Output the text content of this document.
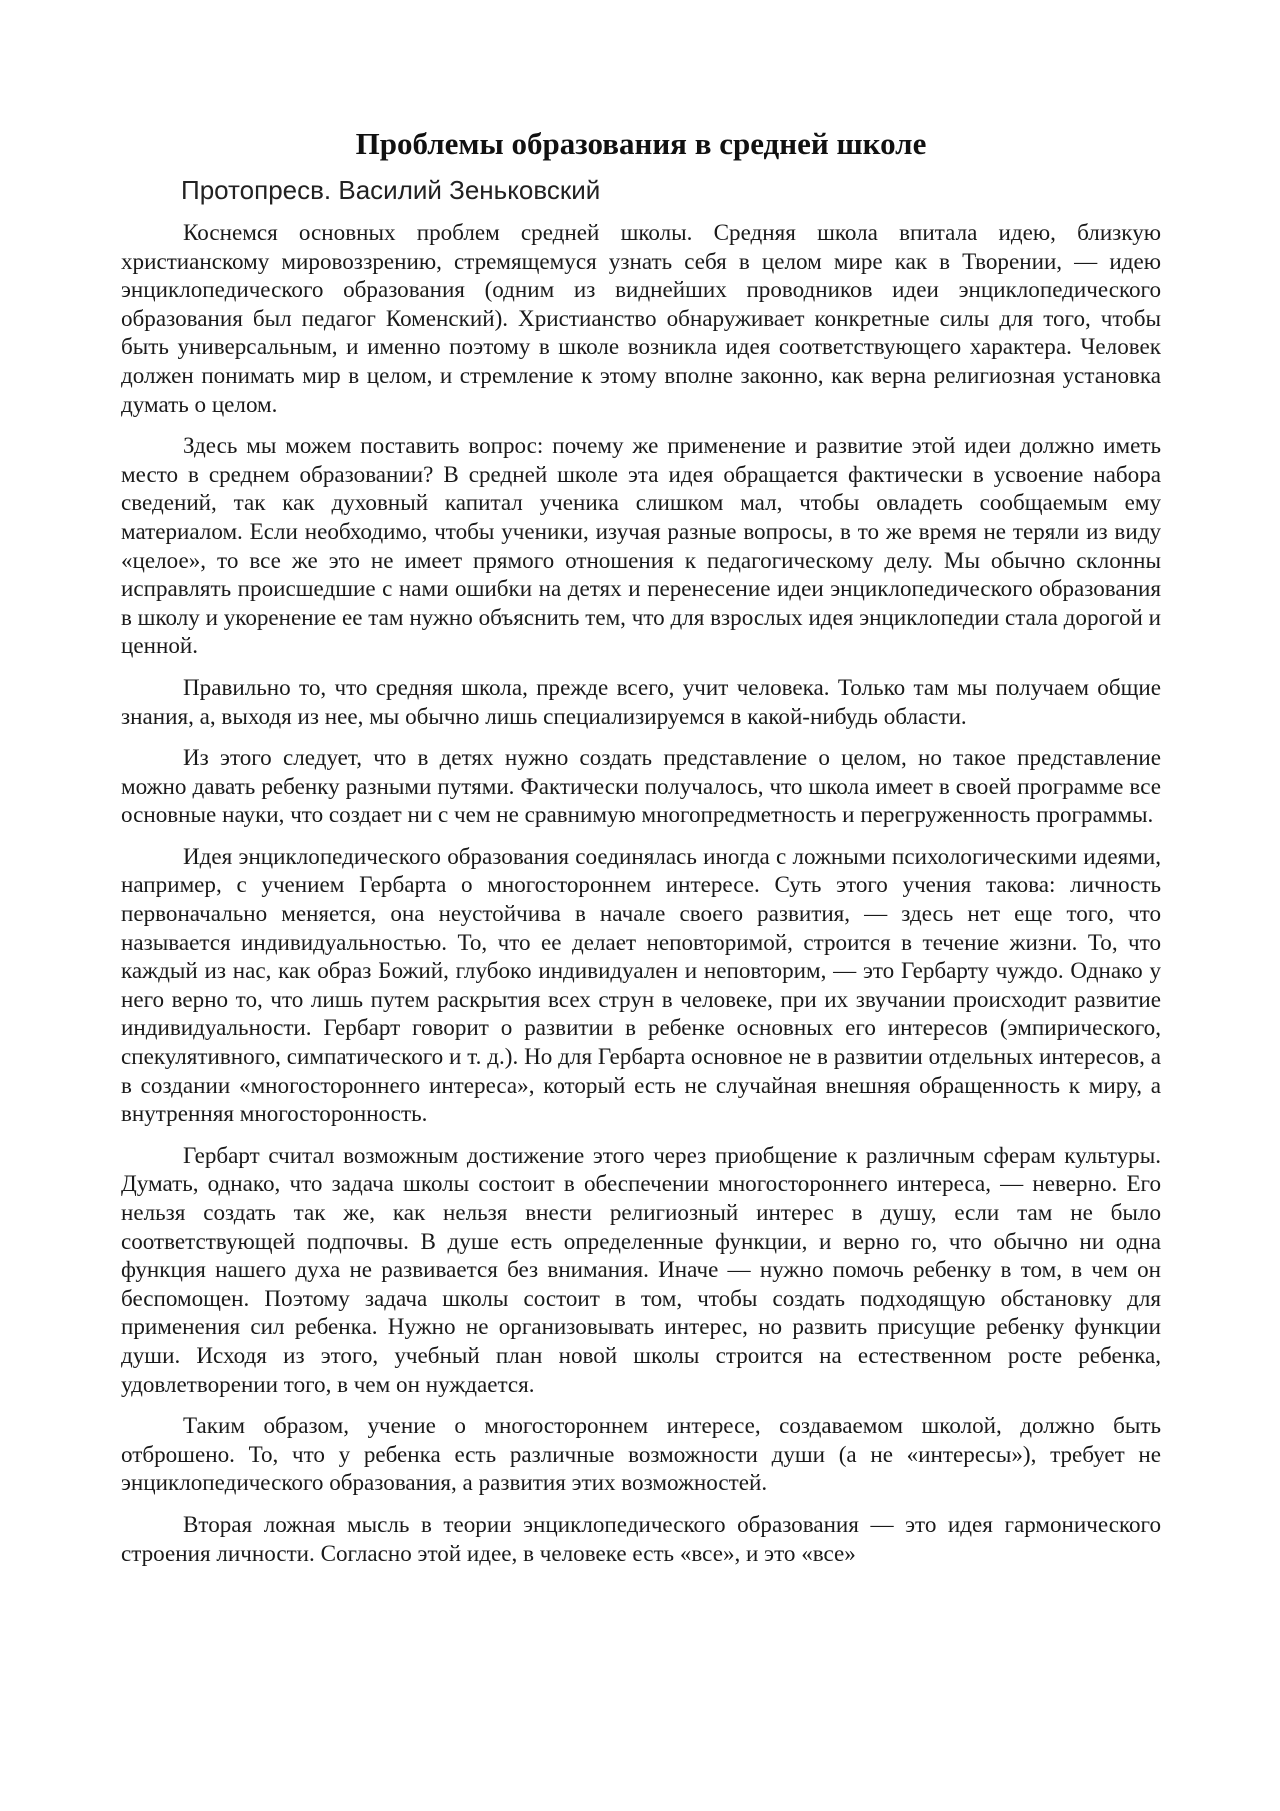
Проблемы образования в средней школе
Протопресв. Василий Зеньковский

Коснемся основных проблем средней школы. Средняя школа впитала идею, близкую христианскому мировоззрению, стремящемуся узнать себя в целом мире как в Творении, — идею энциклопедического образования (одним из виднейших проводников идеи энциклопедического образования был педагог Коменский). Христианство обнаруживает конкретные силы для того, чтобы быть универсальным, и именно поэтому в школе возникла идея соответствующего характера. Человек должен понимать мир в целом, и стремление к этому вполне законно, как верна религиозная установка думать о целом.

Здесь мы можем поставить вопрос: почему же применение и развитие этой идеи должно иметь место в среднем образовании? В средней школе эта идея обращается фактически в усвоение набора сведений, так как духовный капитал ученика слишком мал, чтобы овладеть сообщаемым ему материалом. Если необходимо, чтобы ученики, изучая разные вопросы, в то же время не теряли из виду «целое», то все же это не имеет прямого отношения к педагогическому делу. Мы обычно склонны исправлять происшедшие с нами ошибки на детях и перенесение идеи энциклопедического образования в школу и укоренение ее там нужно объяснить тем, что для взрослых идея энциклопедии стала дорогой и ценной.

Правильно то, что средняя школа, прежде всего, учит человека. Только там мы получаем общие знания, а, выходя из нее, мы обычно лишь специализируемся в какой-нибудь области.

Из этого следует, что в детях нужно создать представление о целом, но такое представление можно давать ребенку разными путями. Фактически получалось, что школа имеет в своей программе все основные науки, что создает ни с чем не сравнимую многопредметность и перегруженность программы.

Идея энциклопедического образования соединялась иногда с ложными психологическими идеями, например, с учением Гербарта о многостороннем интересе. Суть этого учения такова: личность первоначально меняется, она неустойчива в начале своего развития, — здесь нет еще того, что называется индивидуальностью. То, что ее делает неповторимой, строится в течение жизни. То, что каждый из нас, как образ Божий, глубоко индивидуален и неповторим, — это Гербарту чуждо. Однако у него верно то, что лишь путем раскрытия всех струн в человеке, при их звучании происходит развитие индивидуальности. Гербарт говорит о развитии в ребенке основных его интересов (эмпирического, спекулятивного, симпатического и т. д.). Но для Гербарта основное не в развитии отдельных интересов, а в создании «многостороннего интереса», который есть не случайная внешняя обращенность к миру, а внутренняя многосторонность.

Гербарт считал возможным достижение этого через приобщение к различным сферам культуры. Думать, однако, что задача школы состоит в обеспечении многостороннего интереса, — неверно. Его нельзя создать так же, как нельзя внести религиозный интерес в душу, если там не было соответствующей подпочвы. В душе есть определенные функции, и верно го, что обычно ни одна функция нашего духа не развивается без внимания. Иначе — нужно помочь ребенку в том, в чем он беспомощен. Поэтому задача школы состоит в том, чтобы создать подходящую обстановку для применения сил ребенка. Нужно не организовывать интерес, но развить присущие ребенку функции души. Исходя из этого, учебный план новой школы строится на естественном росте ребенка, удовлетворении того, в чем он нуждается.

Таким образом, учение о многостороннем интересе, создаваемом школой, должно быть отброшено. То, что у ребенка есть различные возможности души (а не «интересы»), требует не энциклопедического образования, а развития этих возможностей.

Вторая ложная мысль в теории энциклопедического образования — это идея гармонического строения личности. Согласно этой идее, в человеке есть «все», и это «все»
